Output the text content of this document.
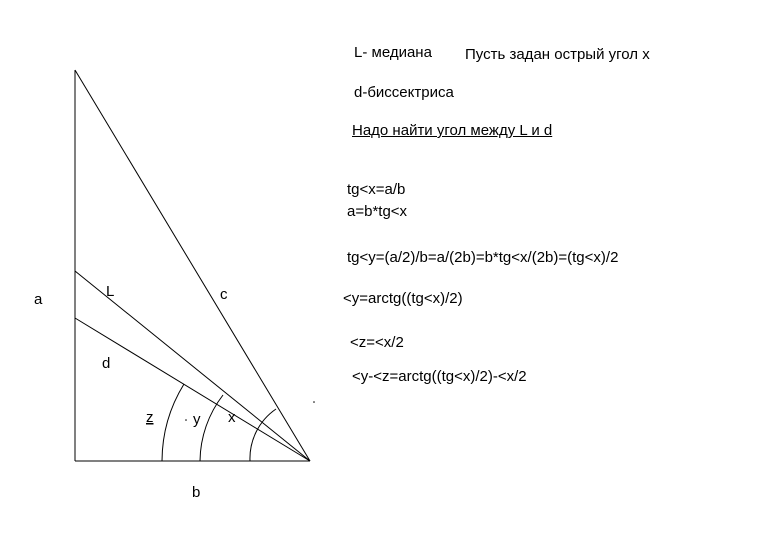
a
b
c
L
d
z	y x
L- медиана Пусть задан острый угол x
d-биссектриса
Надо найти угол между L и d
tg<x=a/b
a=b*tg<x
tg<y=(a/2)/b=a/(2b)=b*tg<x/(2b)=(tg<x)/2
<y=arctg((tg<x)/2)
<z=<x/2
<y-<z=arctg((tg<x)/2)-<x/2
